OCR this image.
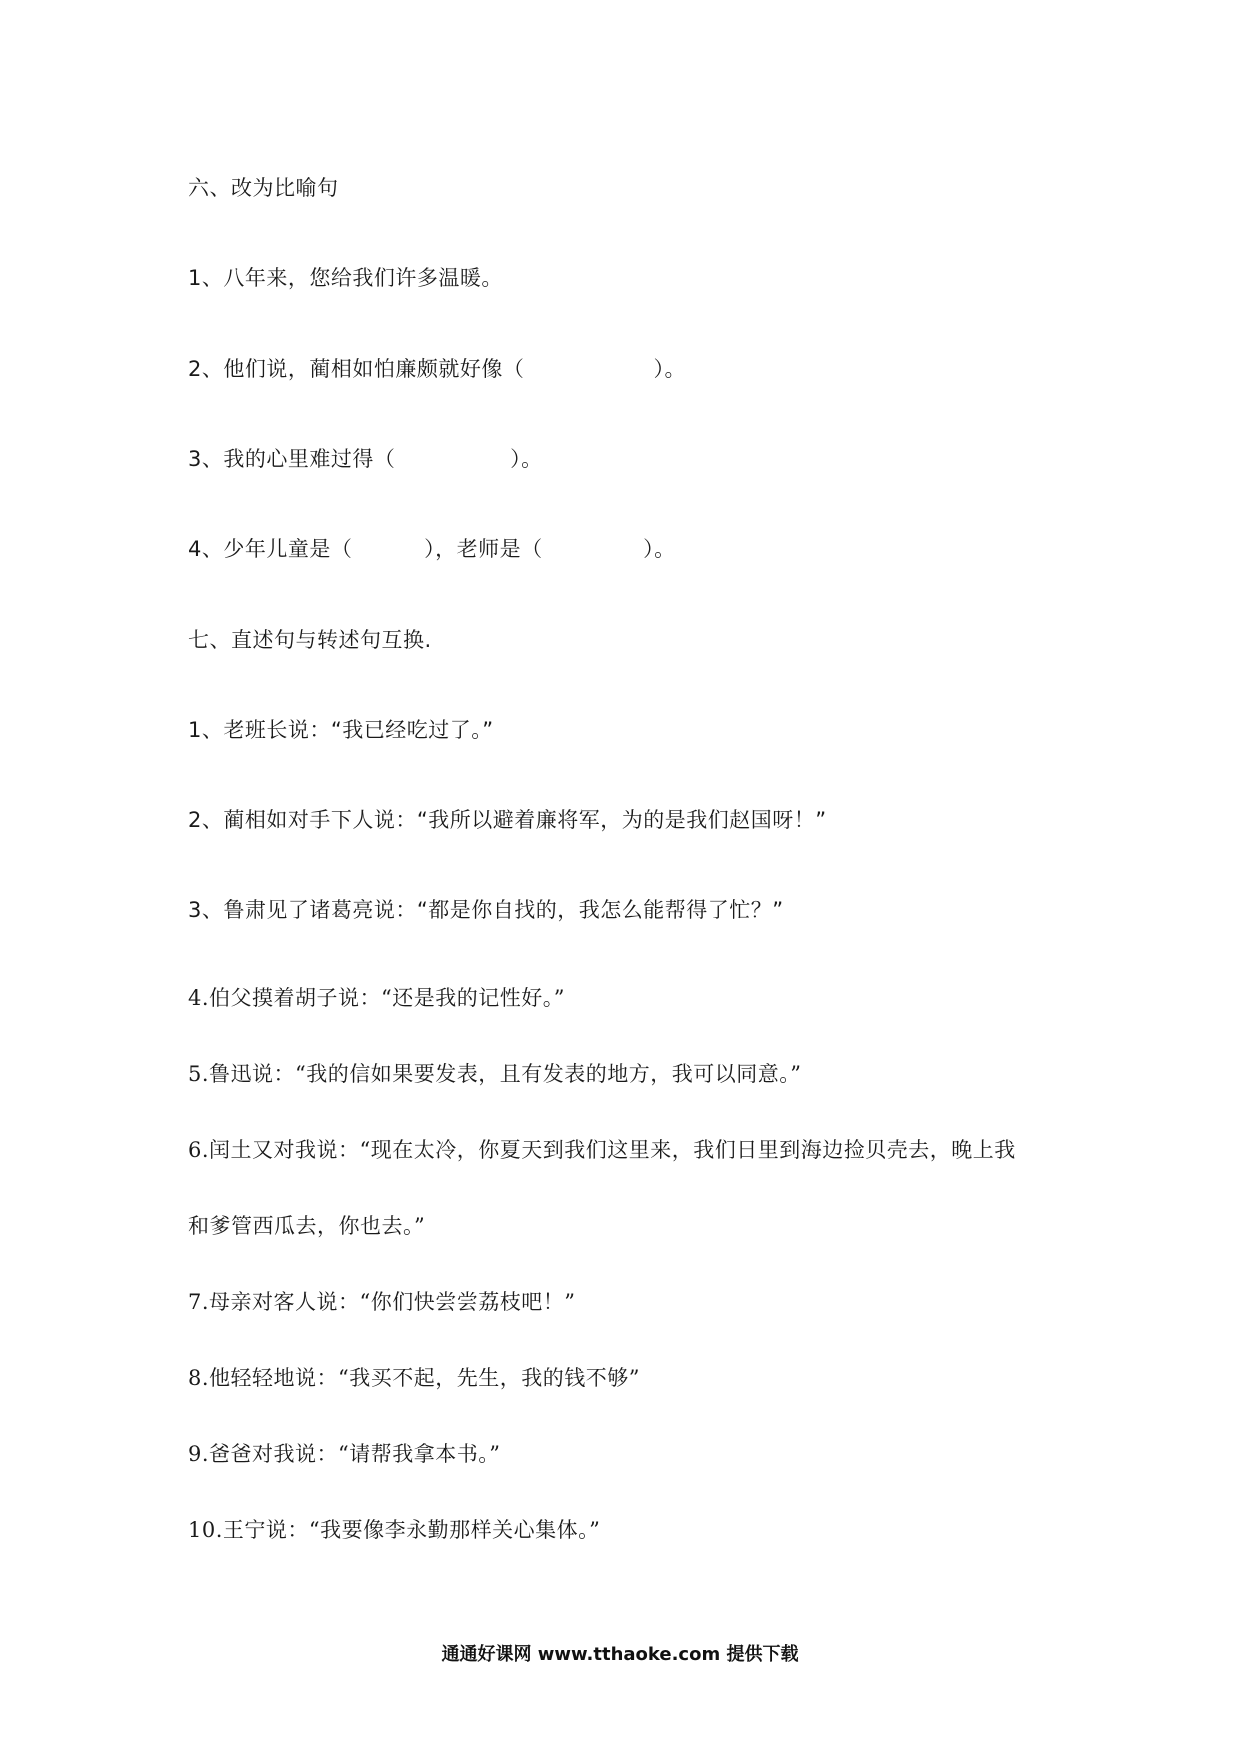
六、改为比喻句
1、八年来，您给我们许多温暖。
2、他们说，蔺相如怕廉颇就好像（                  ）。
3、我的心里难过得（                ）。
4、少年儿童是（          ），老师是（              ）。
七、直述句与转述句互换.
1、老班长说：“我已经吃过了。”
2、蔺相如对手下人说：“我所以避着廉将军，为的是我们赵国呀！”
3、鲁肃见了诸葛亮说：“都是你自找的，我怎么能帮得了忙？”
4.伯父摸着胡子说：“还是我的记性好。”
5.鲁迅说：“我的信如果要发表，且有发表的地方，我可以同意。”
6.闰土又对我说：“现在太冷，你夏天到我们这里来，我们日里到海边捡贝壳去，晚上我
和爹管西瓜去，你也去。”
7.母亲对客人说：“你们快尝尝荔枝吧！”
8.他轻轻地说：“我买不起，先生，我的钱不够”
9.爸爸对我说：“请帮我拿本书。”
10.王宁说：“我要像李永勤那样关心集体。”
通通好课网 www.tthaoke.com 提供下载
